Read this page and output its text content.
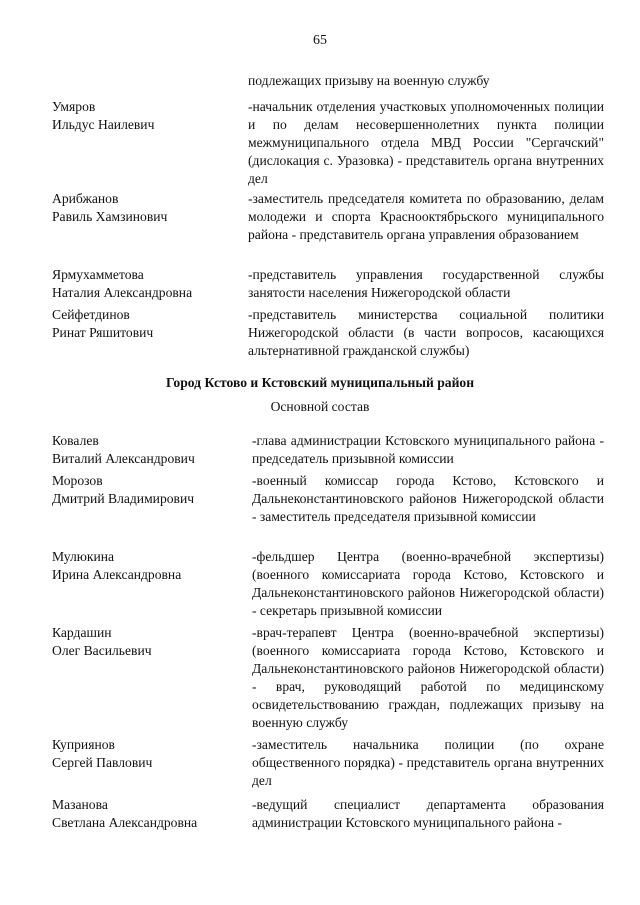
65
подлежащих призыву на военную службу
Умяров
Ильдус Наилевич
-начальник отделения участковых уполномоченных полиции и по делам несовершеннолетних пункта полиции межмуниципального отдела МВД России "Сергачский" (дислокация с. Уразовка) - представитель органа внутренних дел
Арибжанов
Равиль Хамзинович
-заместитель председателя комитета по образованию, делам молодежи и спорта Краснооктябрьского муниципального района - представитель органа управления образованием
Ярмухамметова
Наталия Александровна
-представитель управления государственной службы занятости населения Нижегородской области
Сейфетдинов
Ринат Ряшитович
-представитель министерства социальной политики Нижегородской области (в части вопросов, касающихся альтернативной гражданской службы)
Город Кстово и Кстовский муниципальный район
Основной состав
Ковалев
Виталий Александрович
-глава администрации Кстовского муниципального района - председатель призывной комиссии
Морозов
Дмитрий Владимирович
-военный комиссар города Кстово, Кстовского и Дальнеконстантиновского районов Нижегородской области - заместитель председателя призывной комиссии
Мулюкина
Ирина Александровна
-фельдшер Центра (военно-врачебной экспертизы) (военного комиссариата города Кстово, Кстовского и Дальнеконстантиновского районов Нижегородской области) - секретарь призывной комиссии
Кардашин
Олег Васильевич
-врач-терапевт Центра (военно-врачебной экспертизы) (военного комиссариата города Кстово, Кстовского и Дальнеконстантиновского районов Нижегородской области) - врач, руководящий работой по медицинскому освидетельствованию граждан, подлежащих призыву на военную службу
Куприянов
Сергей Павлович
-заместитель начальника полиции (по охране общественного порядка) - представитель органа внутренних дел
Мазанова
Светлана Александровна
-ведущий специалист департамента образования администрации Кстовского муниципального района -
